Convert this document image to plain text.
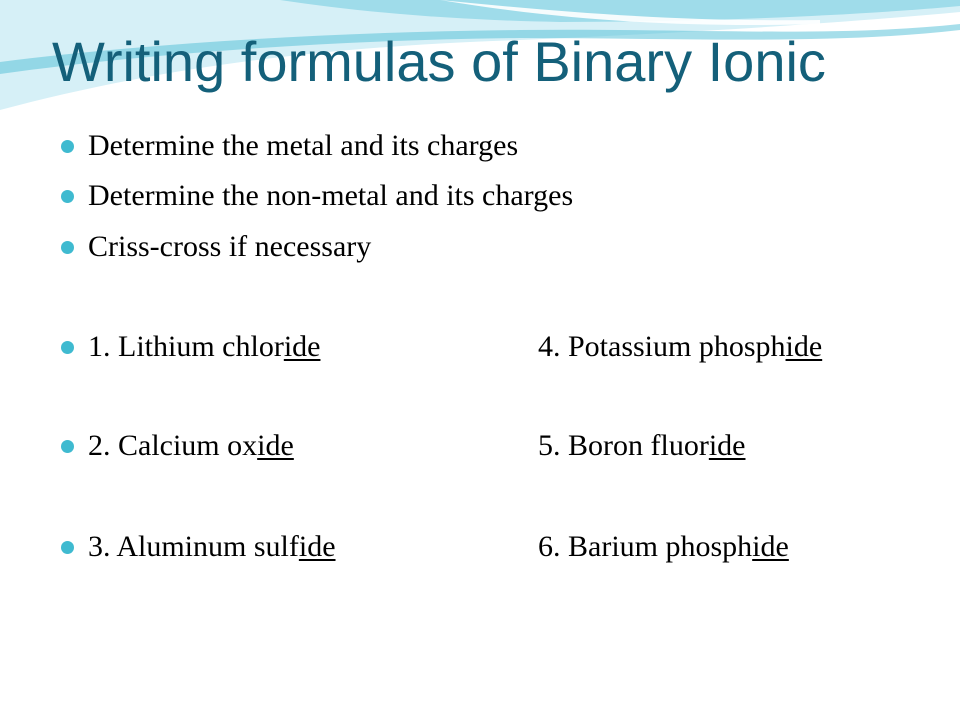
Writing formulas of Binary Ionic
Determine the metal and its charges
Determine the non-metal and its charges
Criss-cross if necessary
1. Lithium chloride	4. Potassium phosphide
2. Calcium oxide	5. Boron fluoride
3. Aluminum sulfide	6. Barium phosphide
